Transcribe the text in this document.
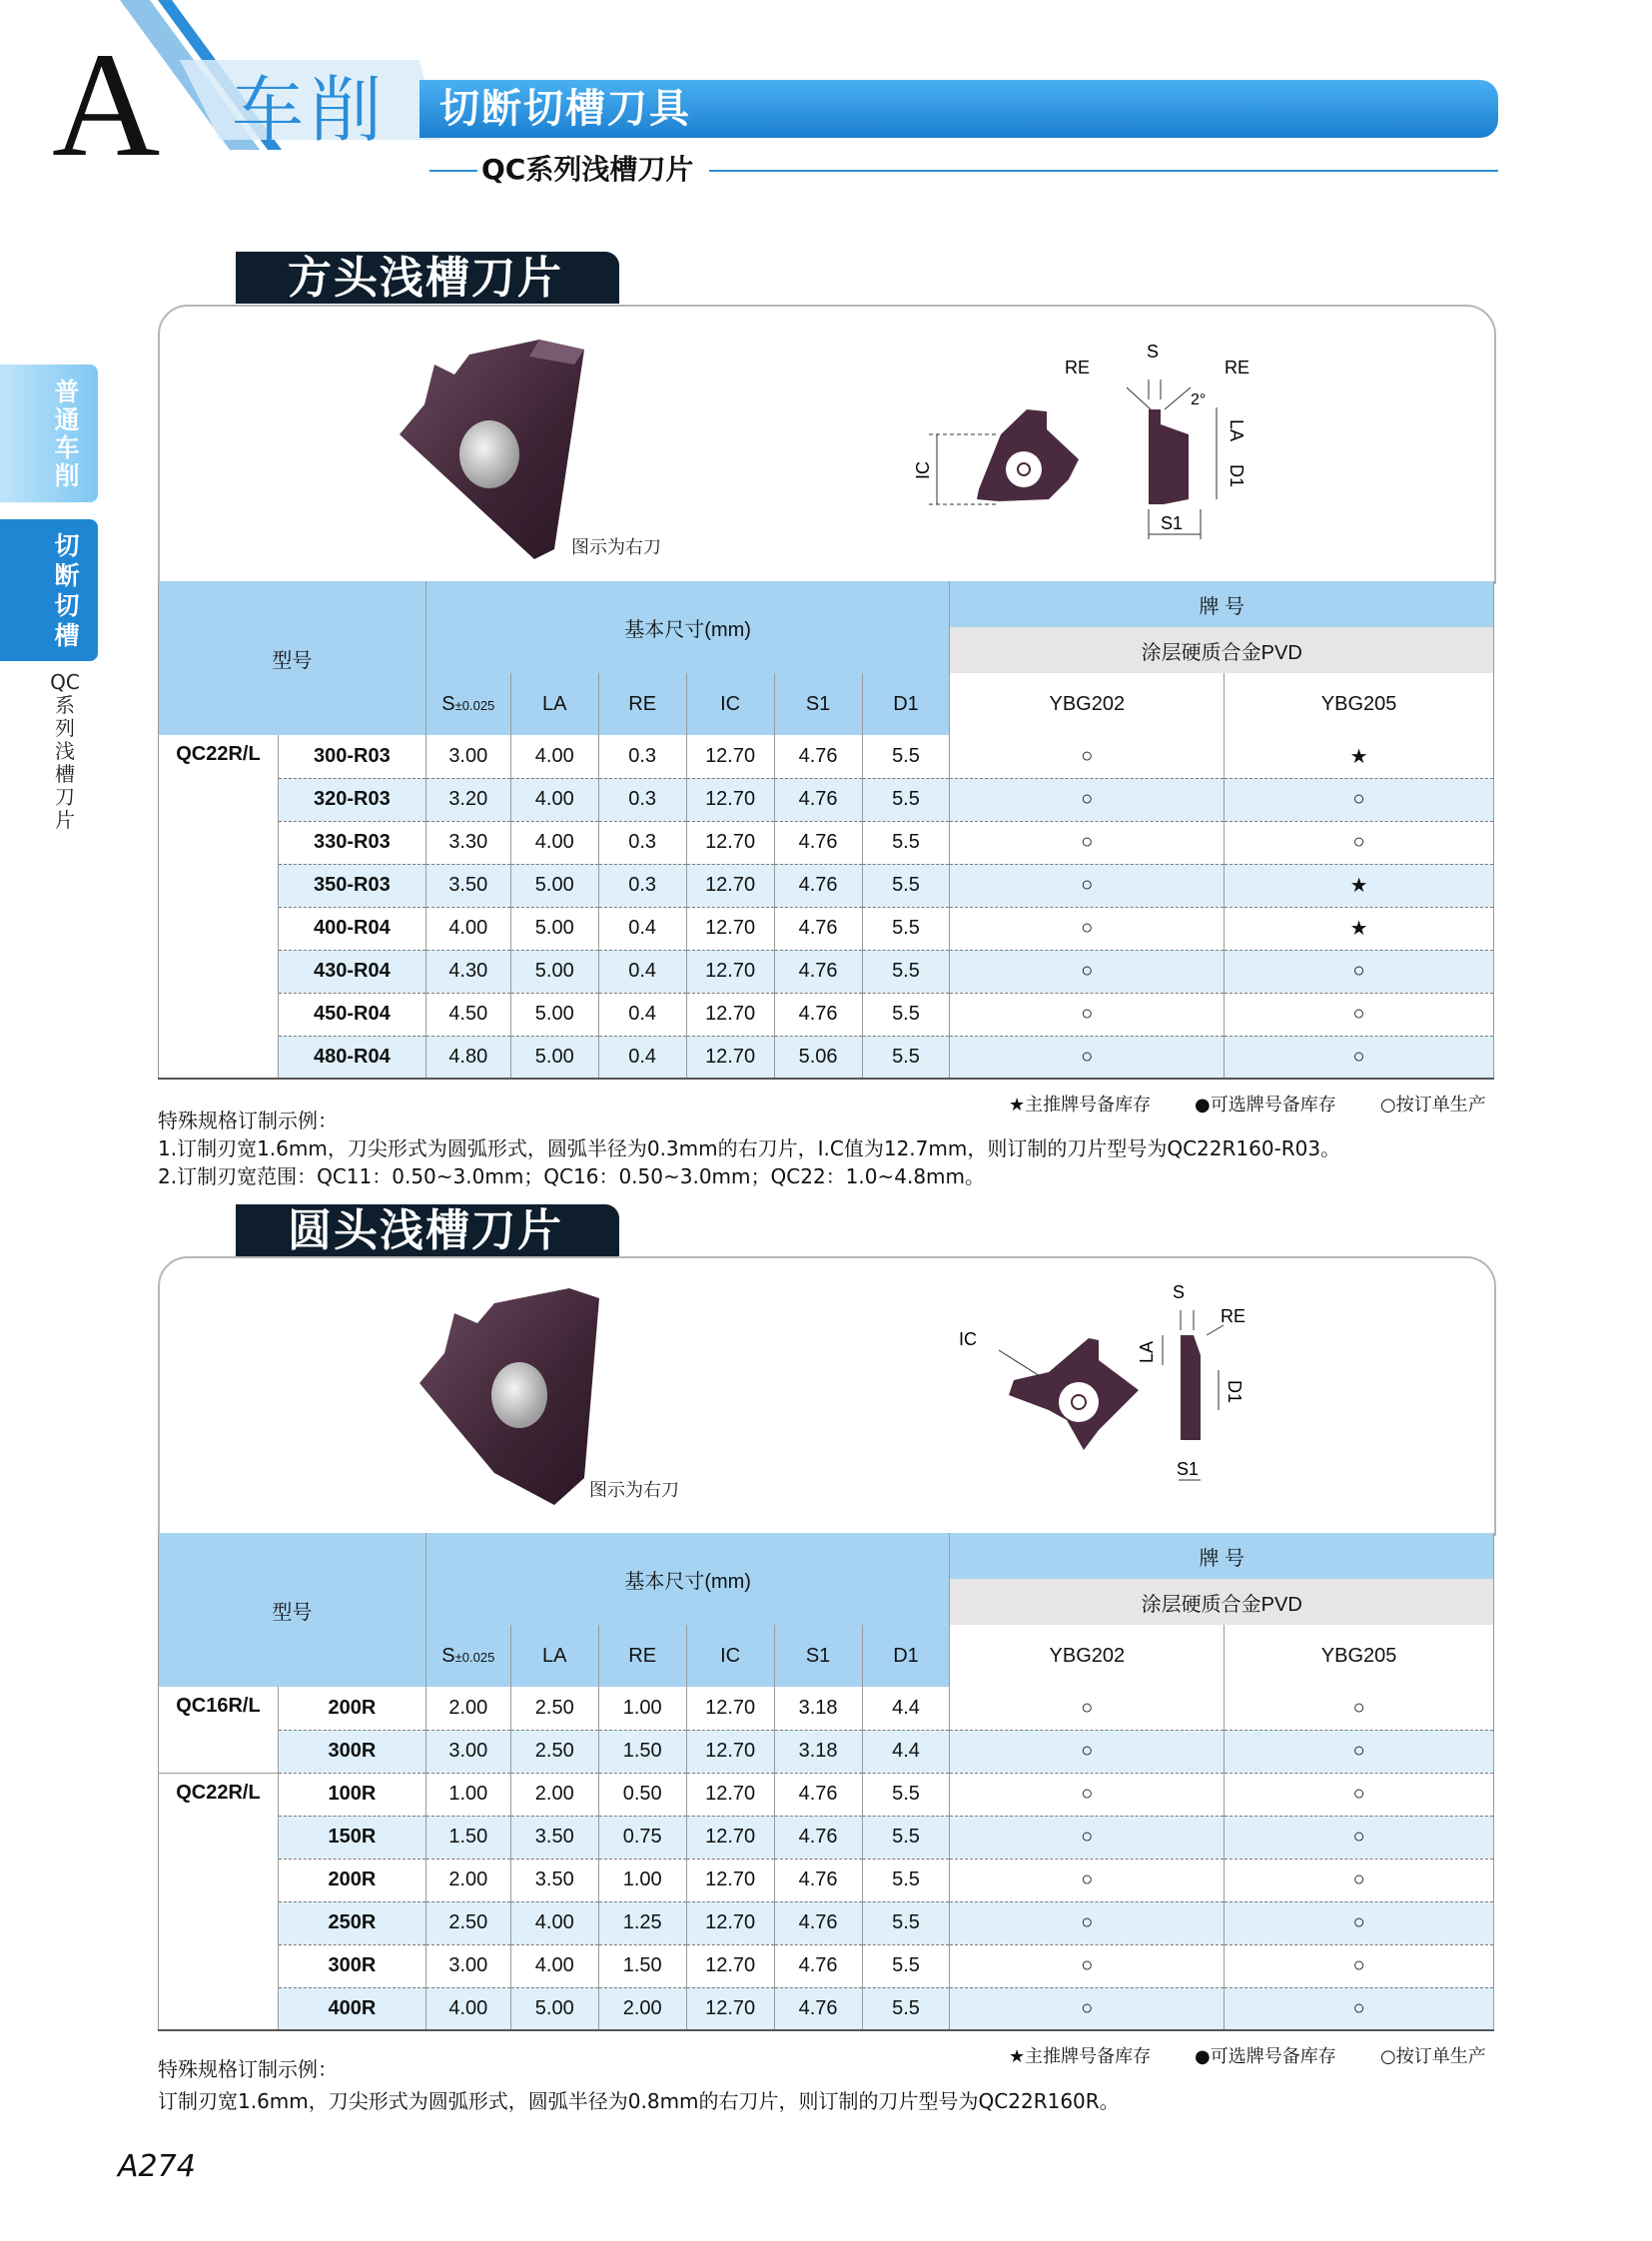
A 车削 切断切槽刀具
QC系列浅槽刀片
普通车削
切断切槽
QC系列浅槽刀片
方头浅槽刀片
图示为右刀
RE
S
RE
2°
LA
D1
IC
S1
型号		基本尺寸(mm)						牌 号	
								涂层硬质合金PVD	
		S±0.025	LA	RE	IC	S1	D1	YBG202	YBG205
QC22R/L	300-R03	3.00	4.00	0.3	12.70	4.76	5.5	○	★
	320-R03	3.20	4.00	0.3	12.70	4.76	5.5	○	○
	330-R03	3.30	4.00	0.3	12.70	4.76	5.5	○	○
	350-R03	3.50	5.00	0.3	12.70	4.76	5.5	○	★
	400-R04	4.00	5.00	0.4	12.70	4.76	5.5	○	★
	430-R04	4.30	5.00	0.4	12.70	4.76	5.5	○	○
	450-R04	4.50	5.00	0.4	12.70	4.76	5.5	○	○
	480-R04	4.80	5.00	0.4	12.70	5.06	5.5	○	○
★主推牌号备库存 ●可选牌号备库存 ○按订单生产
特殊规格订制示例：
1.订制刃宽1.6mm，刀尖形式为圆弧形式，圆弧半径为0.3mm的右刀片，I.C值为12.7mm，则订制的刀片型号为QC22R160-R03。
2.订制刃宽范围：QC11：0.50~3.0mm；QC16：0.50~3.0mm；QC22：1.0~4.8mm。
圆头浅槽刀片
图示为右刀
S
RE
IC
LA
D1
S1
型号		基本尺寸(mm)						牌 号	
								涂层硬质合金PVD	
		S±0.025	LA	RE	IC	S1	D1	YBG202	YBG205
QC16R/L	200R	2.00	2.50	1.00	12.70	3.18	4.4	○	○
	300R	3.00	2.50	1.50	12.70	3.18	4.4	○	○
QC22R/L	100R	1.00	2.00	0.50	12.70	4.76	5.5	○	○
	150R	1.50	3.50	0.75	12.70	4.76	5.5	○	○
	200R	2.00	3.50	1.00	12.70	4.76	5.5	○	○
	250R	2.50	4.00	1.25	12.70	4.76	5.5	○	○
	300R	3.00	4.00	1.50	12.70	4.76	5.5	○	○
	400R	4.00	5.00	2.00	12.70	4.76	5.5	○	○
★主推牌号备库存 ●可选牌号备库存 ○按订单生产
特殊规格订制示例：
订制刃宽1.6mm，刀尖形式为圆弧形式，圆弧半径为0.8mm的右刀片，则订制的刀片型号为QC22R160R。
A274
